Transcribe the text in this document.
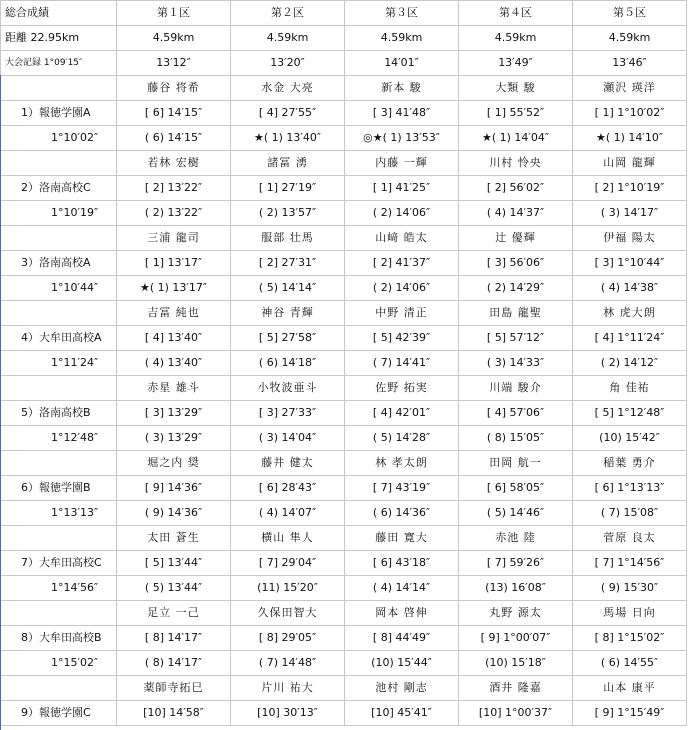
総合成績	第１区	第２区	第３区	第４区	第５区
距離 22.95km	4.59km	4.59km	4.59km	4.59km	4.59km
大会記録 1°09′15″	13′12″	13′20″	14′01″	13′49″	13′46″
	藤谷 将希	水金 大亮	新本 駿	大類 駿	瀬沢 瑛洋
1）報徳学園A	[ 6] 14′15″	[ 4] 27′55″	[ 3] 41′48″	[ 1] 55′52″	[ 1] 1°10′02″
1°10′02″	( 6) 14′15″	★( 1) 13′40″	◎★( 1) 13′53″	★( 1) 14′04″	★( 1) 14′10″
	若林 宏樹	諸冨 湧	内藤 一輝	川村 怜央	山岡 龍輝
2）洛南高校C	[ 2] 13′22″	[ 1] 27′19″	[ 1] 41′25″	[ 2] 56′02″	[ 2] 1°10′19″
1°10′19″	( 2) 13′22″	( 2) 13′57″	( 2) 14′06″	( 4) 14′37″	( 3) 14′17″
	三浦 龍司	服部 壮馬	山﨑 皓太	辻 優輝	伊福 陽太
3）洛南高校A	[ 1] 13′17″	[ 2] 27′31″	[ 2] 41′37″	[ 3] 56′06″	[ 3] 1°10′44″
1°10′44″	★( 1) 13′17″	( 5) 14′14″	( 2) 14′06″	( 2) 14′29″	( 4) 14′38″
	吉冨 純也	神谷 青輝	中野 清正	田島 龍聖	林 虎大朗
4）大牟田高校A	[ 4] 13′40″	[ 5] 27′58″	[ 5] 42′39″	[ 5] 57′12″	[ 4] 1°11′24″
1°11′24″	( 4) 13′40″	( 6) 14′18″	( 7) 14′41″	( 3) 14′33″	( 2) 14′12″
	赤星 雄斗	小牧波亜斗	佐野 拓実	川端 駿介	角 佳祐
5）洛南高校B	[ 3] 13′29″	[ 3] 27′33″	[ 4] 42′01″	[ 4] 57′06″	[ 5] 1°12′48″
1°12′48″	( 3) 13′29″	( 3) 14′04″	( 5) 14′28″	( 8) 15′05″	(10) 15′42″
	堀之内 奨	藤井 健太	林 孝太朗	田岡 航一	稲葉 勇介
6）報徳学園B	[ 9] 14′36″	[ 6] 28′43″	[ 7] 43′19″	[ 6] 58′05″	[ 6] 1°13′13″
1°13′13″	( 9) 14′36″	( 4) 14′07″	( 6) 14′36″	( 5) 14′46″	( 7) 15′08″
	太田 蒼生	横山 隼人	藤田 寛大	赤池 陸	菅原 良太
7）大牟田高校C	[ 5] 13′44″	[ 7] 29′04″	[ 6] 43′18″	[ 7] 59′26″	[ 7] 1°14′56″
1°14′56″	( 5) 13′44″	(11) 15′20″	( 4) 14′14″	(13) 16′08″	( 9) 15′30″
	足立 一己	久保田智大	岡本 啓伸	丸野 源太	馬場 日向
8）大牟田高校B	[ 8] 14′17″	[ 8] 29′05″	[ 8] 44′49″	[ 9] 1°00′07″	[ 8] 1°15′02″
1°15′02″	( 8) 14′17″	( 7) 14′48″	(10) 15′44″	(10) 15′18″	( 6) 14′55″
	薬師寺拓巳	片川 祐大	池村 剛志	酒井 隆嘉	山本 康平
9）報徳学園C	[10] 14′58″	[10] 30′13″	[10] 45′41″	[10] 1°00′37″	[ 9] 1°15′49″
